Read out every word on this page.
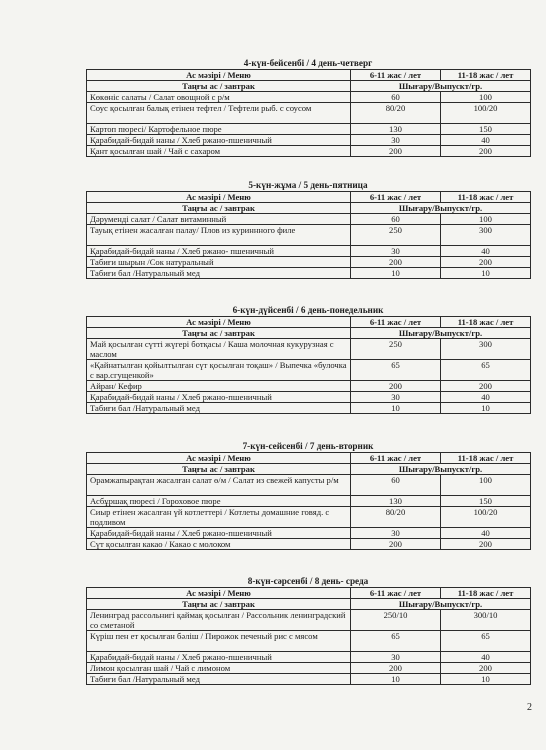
4-күн-бейсенбі / 4 день-четверг
Ас мәзірі / Меню	6-11 жас / лет	11-18 жас / лет
Таңғы ас / завтрак	Шығару/Выпускт/гр.	
Көкөніс салаты / Салат овощной с р/м	60	100
Соус қосылған балық етінен тефтел / Тефтели рыб. с соусом	80/20	100/20
Картоп пюресі/ Картофельное пюре	130	150
Қарабидай-бидай наны / Хлеб ржано-пшеничный	30	40
Қант қосылған шай / Чай с сахаром	200	200
5-күн-жұма / 5 день-пятница
Ас мәзірі / Меню	6-11 жас / лет	11-18 жас / лет
Таңғы ас / завтрак	Шығару/Выпускт/гр.	
Дәрумендi салат / Салат витаминный	60	100
Тауық етінен жасалған палау/ Плов из куриннного филе	250	300
Қарабидай-бидай наны / Хлеб ржано- пшеничный	30	40
Табиғи шырын /Сок натуральный	200	200
Табиғи бал /Натуральный мед	10	10
6-күн-дүйсенбі / 6 день-понедельник
Ас мәзірі / Меню	6-11 жас / лет	11-18 жас / лет
Таңғы ас / завтрак	Шығару/Выпускт/гр.	
Май қосылған сүтті жүгері ботқасы / Каша молочная кукурузная с маслом	250	300
«Қайнатылған қойылтылған сүт қосылған тоқаш» / Выпечка «булочка с вар.сгущенкой»	65	65
Айран/ Кефир	200	200
Қарабидай-бидай наны / Хлеб ржано-пшеничный	30	40
Табиғи бал /Натуральный мед	10	10
7-күн-сейсенбі / 7 день-вторник
Ас мәзірі / Меню	6-11 жас / лет	11-18 жас / лет
Таңғы ас / завтрак	Шығару/Выпускт/гр.	
Орамжапырақтан жасалған салат ө/м / Салат из свежей капусты р/м	60	100
Асбұршақ пюресі / Гороховое пюре	130	150
Сиыр етінен жасалған үй котлеттері / Котлеты домашние говяд. с подливом	80/20	100/20
Қарабидай-бидай наны / Хлеб ржано-пшеничный	30	40
Сүт қосылған какао / Какао с молоком	200	200
8-күн-сәрсенбі / 8 день- среда
Ас мәзірі / Меню	6-11 жас / лет	11-18 жас / лет
Таңғы ас / завтрак	Шығару/Выпускт/гр.	
Ленинград рассольнигі қаймақ қосылған / Рассольник ленинградский со сметаной	250/10	300/10
Күріш пен ет қосылған бәліш / Пирожок печеный рис с мясом	65	65
Қарабидай-бидай наны / Хлеб ржано-пшеничный	30	40
Лимон қосылған шай / Чай с лимоном	200	200
Табиғи бал /Натуральный мед	10	10
2
